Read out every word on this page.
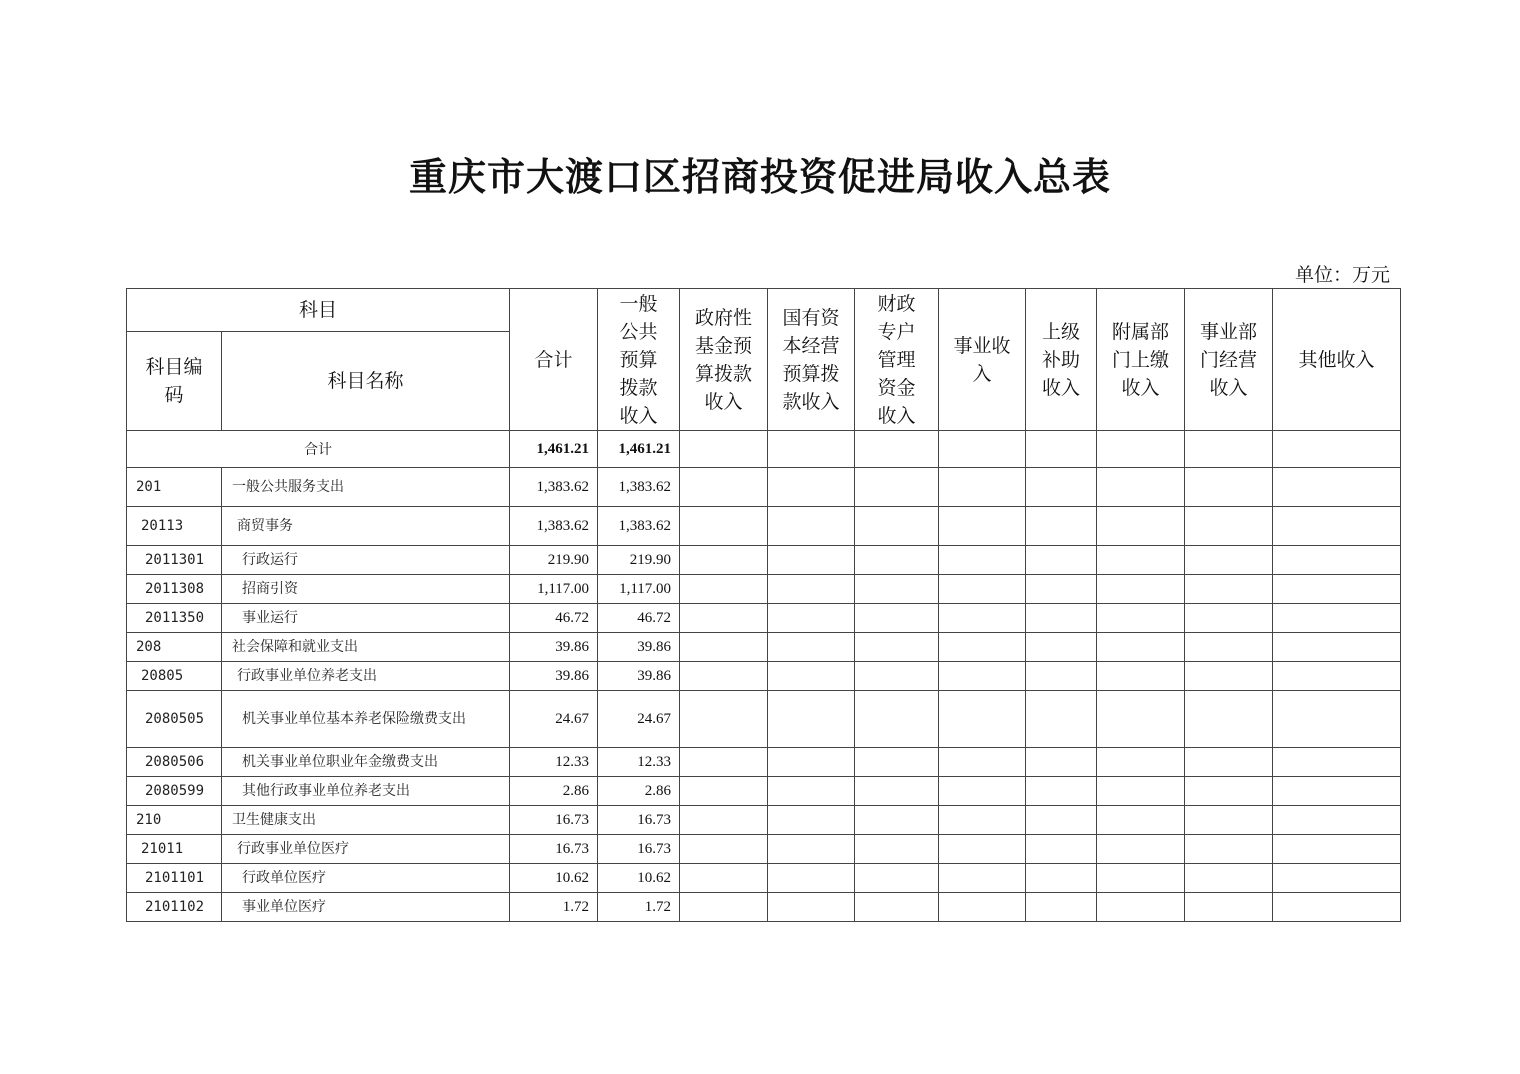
重庆市大渡口区招商投资促进局收入总表
单位：万元
科目		合计	一般公共预算拨款收入	政府性基金预算拨款收入	国有资本经营预算拨款收入	财政专户管理资金收入	事业收入	上级补助收入	附属部门上缴收入	事业部门经营收入	其他收入
科目编码	科目名称										
合计		1,461.21	1,461.21								
201	一般公共服务支出	1,383.62	1,383.62								
20113	商贸事务	1,383.62	1,383.62								
2011301	行政运行	219.90	219.90								
2011308	招商引资	1,117.00	1,117.00								
2011350	事业运行	46.72	46.72								
208	社会保障和就业支出	39.86	39.86								
20805	行政事业单位养老支出	39.86	39.86								
2080505	机关事业单位基本养老保险缴费支出	24.67	24.67								
2080506	机关事业单位职业年金缴费支出	12.33	12.33								
2080599	其他行政事业单位养老支出	2.86	2.86								
210	卫生健康支出	16.73	16.73								
21011	行政事业单位医疗	16.73	16.73								
2101101	行政单位医疗	10.62	10.62								
2101102	事业单位医疗	1.72	1.72								
